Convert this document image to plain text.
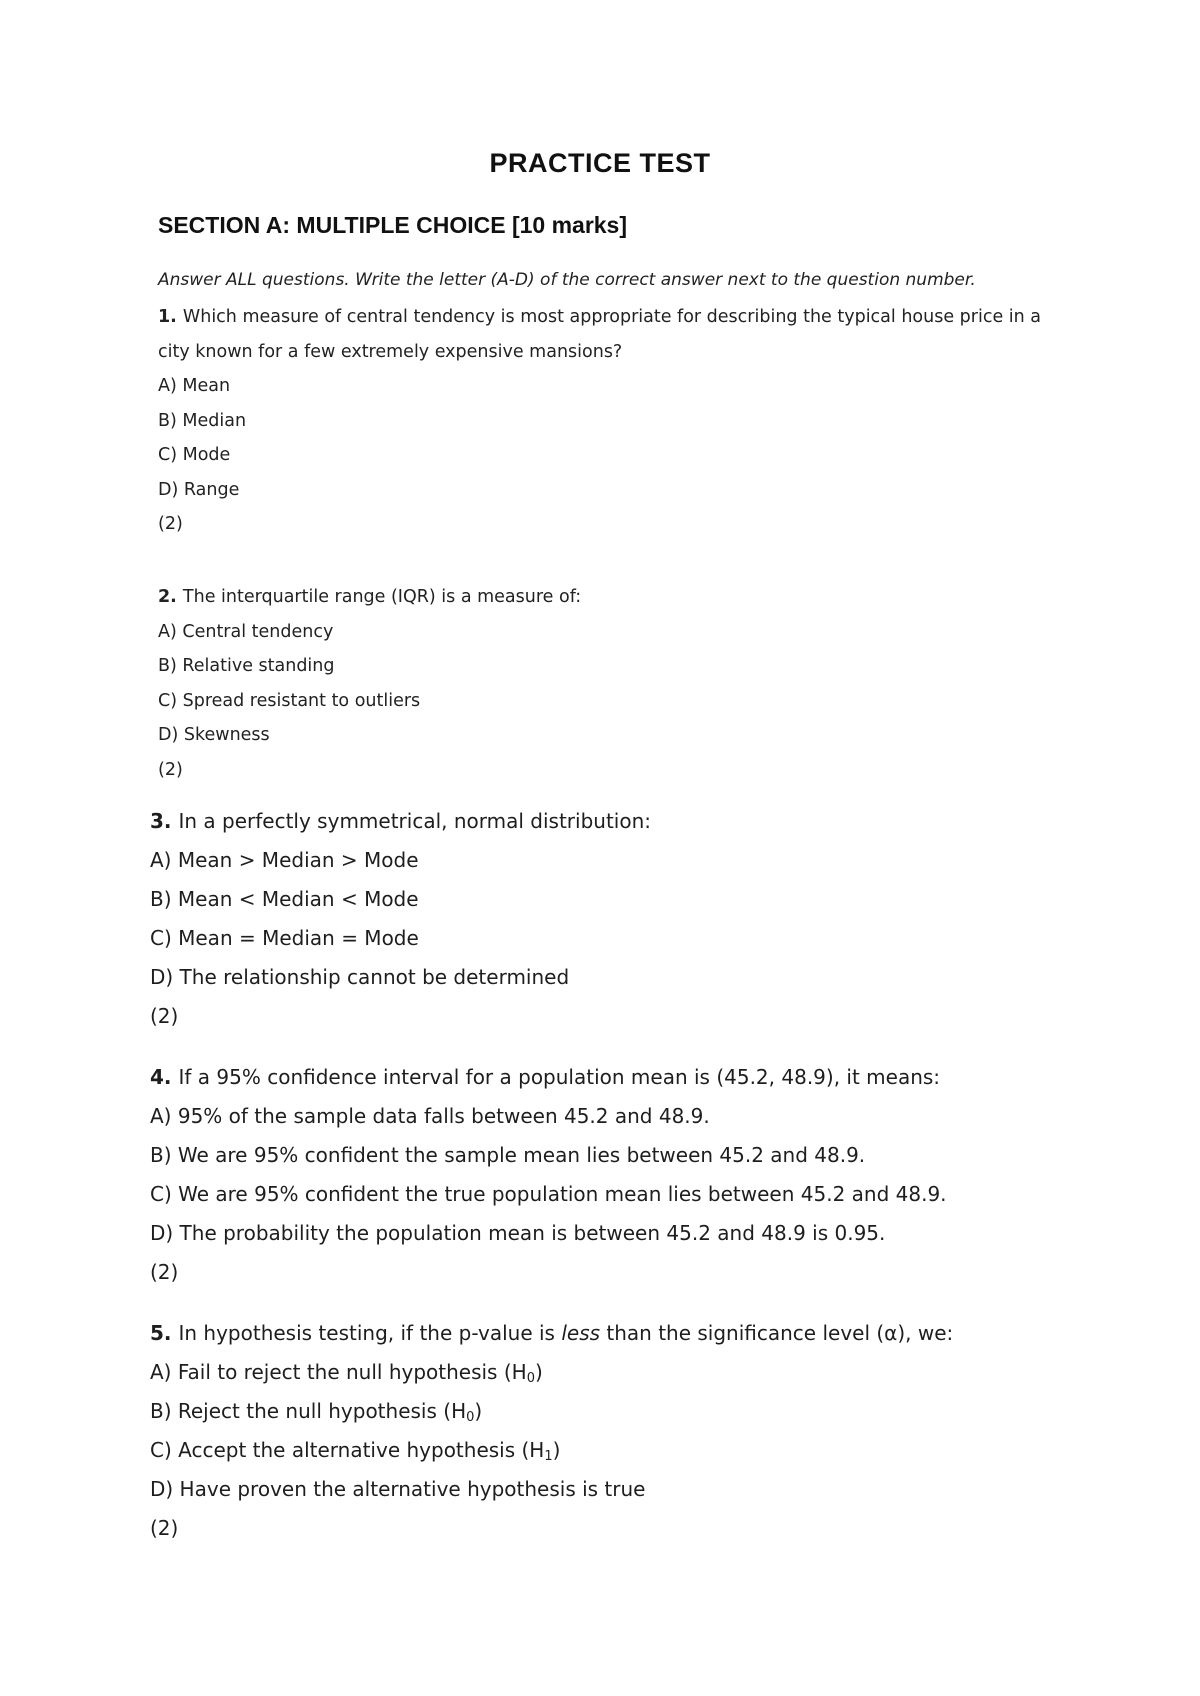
PRACTICE TEST
SECTION A: MULTIPLE CHOICE [10 marks]
Answer ALL questions. Write the letter (A-D) of the correct answer next to the question number.
1. Which measure of central tendency is most appropriate for describing the typical house price in a city known for a few extremely expensive mansions?
A) Mean
B) Median
C) Mode
D) Range
(2)
2. The interquartile range (IQR) is a measure of:
A) Central tendency
B) Relative standing
C) Spread resistant to outliers
D) Skewness
(2)
3. In a perfectly symmetrical, normal distribution:
A) Mean > Median > Mode
B) Mean < Median < Mode
C) Mean = Median = Mode
D) The relationship cannot be determined
(2)
4. If a 95% confidence interval for a population mean is (45.2, 48.9), it means:
A) 95% of the sample data falls between 45.2 and 48.9.
B) We are 95% confident the sample mean lies between 45.2 and 48.9.
C) We are 95% confident the true population mean lies between 45.2 and 48.9.
D) The probability the population mean is between 45.2 and 48.9 is 0.95.
(2)
5. In hypothesis testing, if the p-value is less than the significance level (α), we:
A) Fail to reject the null hypothesis $(H_0)$
B) Reject the null hypothesis $(H_0)$
C) Accept the alternative hypothesis $(H_1)$
D) Have proven the alternative hypothesis is true
(2)
